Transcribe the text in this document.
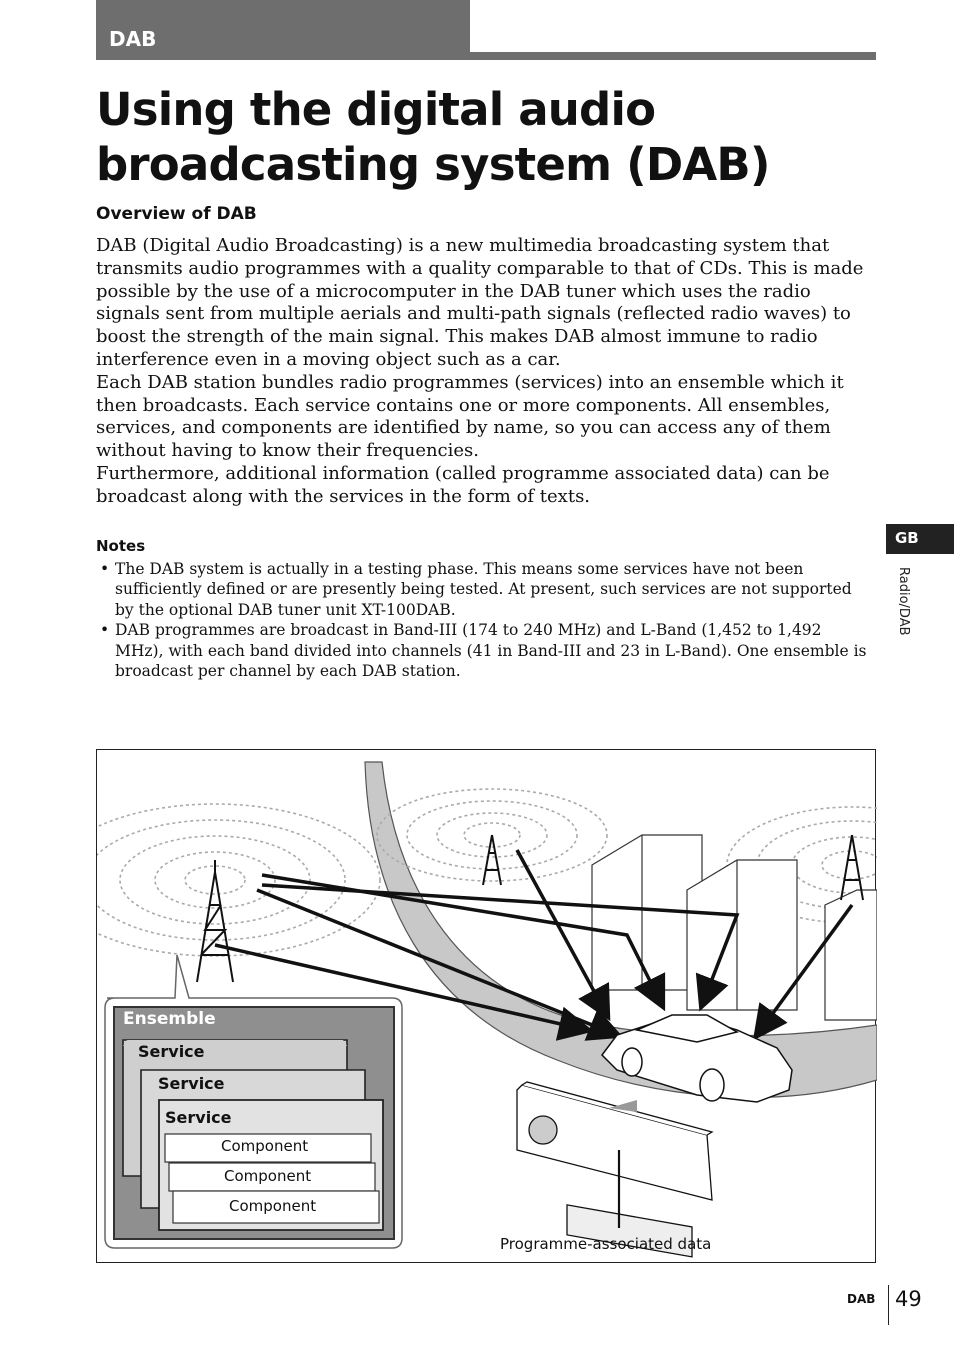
DAB
Using the digital audio
broadcasting system (DAB)
Overview of DAB

DAB (Digital Audio Broadcasting) is a new multimedia broadcasting system that transmits audio programmes with a quality comparable to that of CDs. This is made possible by the use of a microcomputer in the DAB tuner which uses the radio signals sent from multiple aerials and multi-path signals (reflected radio waves) to boost the strength of the main signal. This makes DAB almost immune to radio interference even in a moving object such as a car.

Each DAB station bundles radio programmes (services) into an ensemble which it then broadcasts. Each service contains one or more components. All ensembles, services, and components are identified by name, so you can access any of them without having to know their frequencies.

Furthermore, additional information (called programme associated data) can be broadcast along with the services in the form of texts.

Notes
• The DAB system is actually in a testing phase. This means some services have not been sufficiently defined or are presently being tested. At present, such services are not supported by the optional DAB tuner unit XT-100DAB.
• DAB programmes are broadcast in Band-III (174 to 240 MHz) and L-Band (1,452 to 1,492 MHz), with each band divided into channels (41 in Band-III and 23 in L-Band). One ensemble is broadcast per channel by each DAB station.
GB
Radio/DAB
Ensemble
Service
Service
Service
Component
Component
Component
Programme-associated data
DAB 49
